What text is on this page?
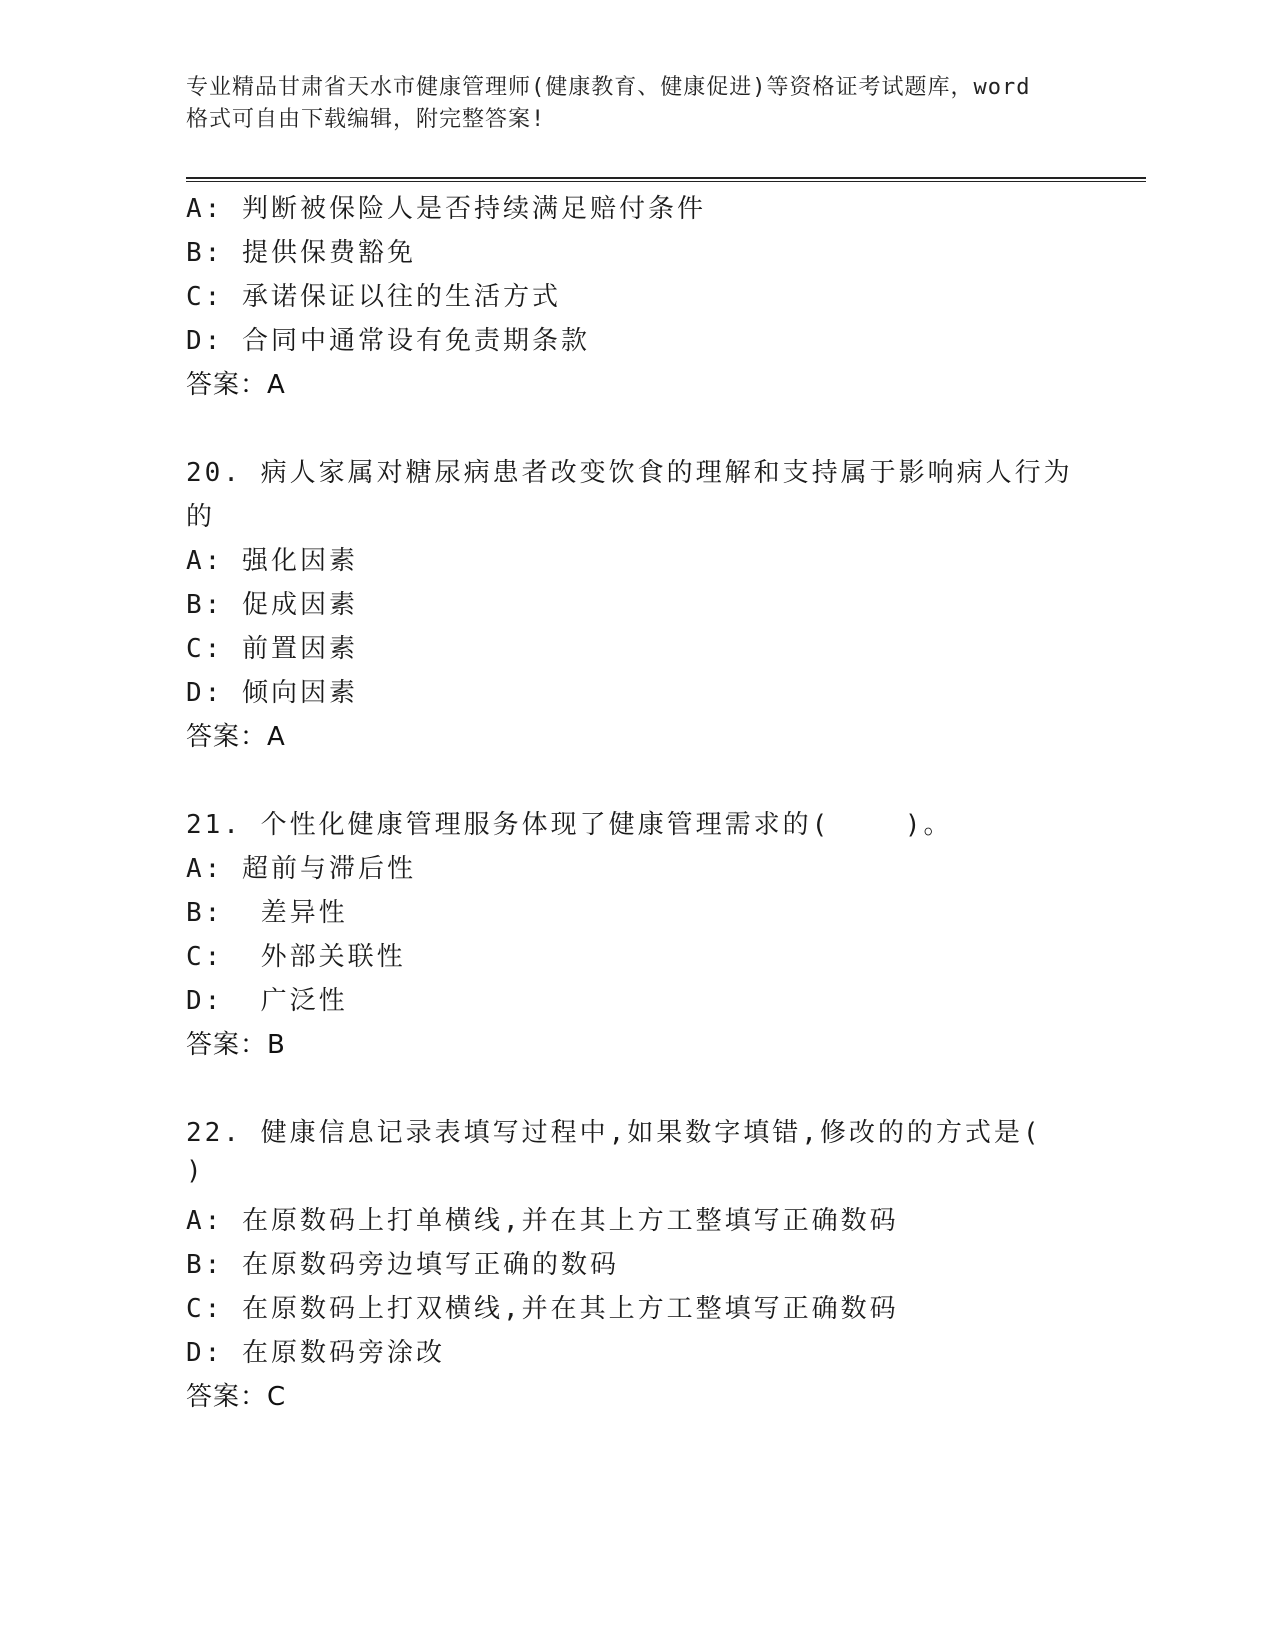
专业精品甘肃省天水市健康管理师(健康教育、健康促进)等资格证考试题库，word
格式可自由下载编辑，附完整答案!
A: 判断被保险人是否持续满足赔付条件
B: 提供保费豁免
C: 承诺保证以往的生活方式
D: 合同中通常设有免责期条款
答案：A
20. 病人家属对糖尿病患者改变饮食的理解和支持属于影响病人行为
的
A: 强化因素
B: 促成因素
C: 前置因素
D: 倾向因素
答案：A
21. 个性化健康管理服务体现了健康管理需求的(    )。
A: 超前与滞后性
B:  差异性
C:  外部关联性
D:  广泛性
答案：B
22. 健康信息记录表填写过程中,如果数字填错,修改的的方式是(
)
A: 在原数码上打单横线,并在其上方工整填写正确数码
B: 在原数码旁边填写正确的数码
C: 在原数码上打双横线,并在其上方工整填写正确数码
D: 在原数码旁涂改
答案：C
